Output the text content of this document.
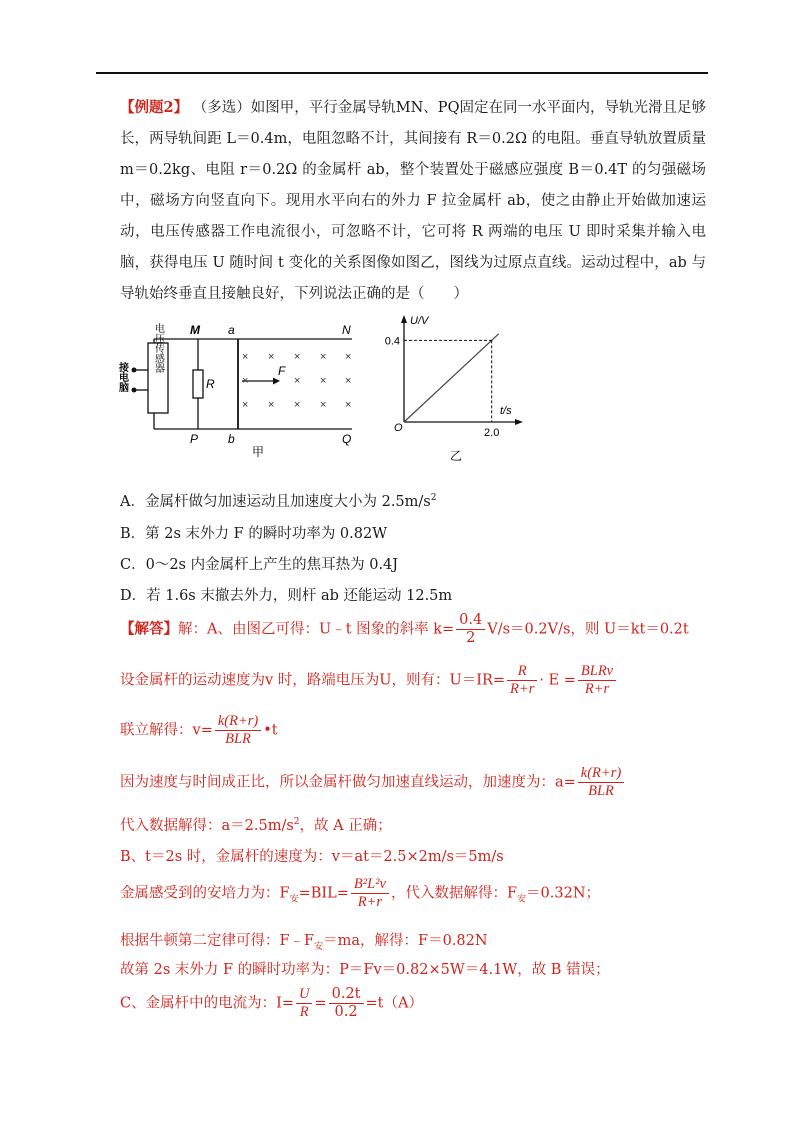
【例题2】 （多选）如图甲，平行金属导轨MN、PQ固定在同一水平面内，导轨光滑且足够长，两导轨间距 L＝0.4m，电阻忽略不计，其间接有 R＝0.2Ω 的电阻。垂直导轨放置质量 m＝0.2kg、电阻 r＝0.2Ω 的金属杆 ab，整个装置处于磁感应强度 B＝0.4T 的匀强磁场中，磁场方向竖直向下。现用水平向右的外力 F 拉金属杆 ab，使之由静止开始做加速运动，电压传感器工作电流很小，可忽略不计，它可将 R 两端的电压 U 即时采集并输入电脑，获得电压 U 随时间 t 变化的关系图像如图乙，图线为过原点直线。运动过程中，ab 与导轨始终垂直且接触良好，下列说法正确的是（　　）
电压传感器
接电脑
M a	N
P b	Q
R
F
× × × × ×
× × ×
× × × × ×
×
甲
U/V
t/s
O
0.4
2.0
乙
A．金属杆做匀加速运动且加速度大小为 $2.5m/s^2$
B．第 2s 末外力 F 的瞬时功率为 0.82W
C．0～2s 内金属杆上产生的焦耳热为 0.4J
D．若 1.6s 末撤去外力，则杆 ab 还能运动 12.5m
【解答】解：A、由图乙可得：U﹣t 图象的斜率 $k= \frac{0.4}{2} V/s=0.2V/s$，则 U＝kt＝0.2t
设金属杆的运动速度为v 时，路端电压为U，则有：$U=IR= \frac{R}{R+r} \cdot E = \frac{\text{BLRv}}{R+r}$
联立解得：$v= \frac{k(R+r)}{\text{BLR}}$ •t
因为速度与时间成正比，所以金属杆做匀加速直线运动，加速度为：$a= \frac{k(R+r)}{\text{BLR}}$
代入数据解得：$a=2.5m/s^2$，故 A 正确；
B、t＝2s 时，金属杆的速度为：v＝at＝2.5×2m/s＝5m/s
金属感受到的安培力为：$F_安=BIL= \frac{\text{B²L²v}}{R+r}$ ，代入数据解得：$F_安=0.32N$；
根据牛顿第二定律可得：$F﹣F_安=ma$，解得：F＝0.82N
故第 2s 末外力 F 的瞬时功率为：P＝Fv＝0.82×5W＝4.1W，故 B 错误；
C、金属杆中的电流为：$I= \frac{U}{R} = \frac{0.2t}{0.2} =t(A)$
